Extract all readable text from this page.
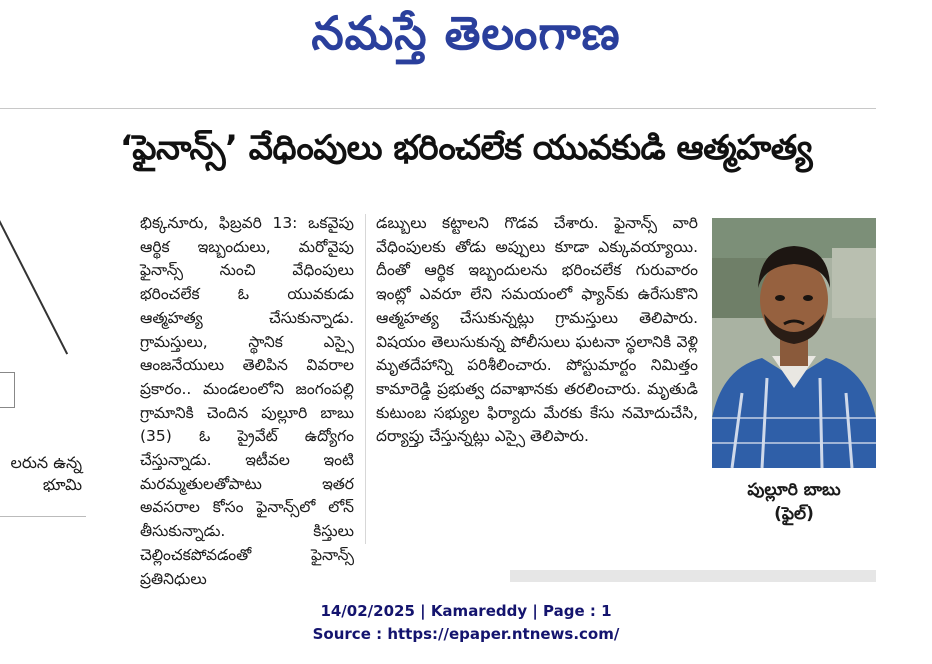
నమస్తే తెలంగాణ
‘ఫైనాన్స్’ వేధింపులు భరించలేక యువకుడి ఆత్మహత్య
లరున ఉన్న
భూమి

భిక్కనూరు, ఫిబ్రవరి 13: ఒకవైపు ఆర్థిక ఇబ్బందులు, మరోవైపు ఫైనాన్స్ నుంచి వేధింపులు భరించలేక ఓ యువకుడు ఆత్మహత్య చేసుకున్నాడు. గ్రామస్తులు, స్థానిక ఎస్సై ఆంజనేయులు తెలిపిన వివరాల ప్రకారం.. మండలంలోని జంగంపల్లి గ్రామానికి చెందిన పుల్లూరి బాబు (35) ఓ ప్రైవేట్ ఉద్యోగం చేస్తున్నాడు. ఇటీవల ఇంటి మరమ్మతులతోపాటు ఇతర అవసరాల కోసం ఫైనాన్స్‌లో లోన్ తీసుకున్నాడు. కిస్తులు చెల్లించకపోవడంతో ఫైనాన్స్ ప్రతినిధులు

డబ్బులు కట్టాలని గొడవ చేశారు. ఫైనాన్స్ వారి వేధింపులకు తోడు అప్పులు కూడా ఎక్కువయ్యాయి. దీంతో ఆర్థిక ఇబ్బందులను భరించలేక గురువారం ఇంట్లో ఎవరూ లేని సమయంలో ఫ్యాన్‌కు ఉరేసుకొని ఆత్మహత్య చేసుకున్నట్లు గ్రామస్తులు తెలిపారు. విషయం తెలుసుకున్న పోలీసులు ఘటనా స్థలానికి వెళ్లి మృతదేహాన్ని పరిశీలించారు. పోస్టుమార్టం నిమిత్తం కామారెడ్డి ప్రభుత్వ దవాఖానకు తరలించారు. మృతుడి కుటుంబ సభ్యుల ఫిర్యాదు మేరకు కేసు నమోదుచేసి, దర్యాప్తు చేస్తున్నట్లు ఎస్సై తెలిపారు.

పుల్లూరి బాబు
(ఫైల్)
14/02/2025 | Kamareddy | Page : 1
Source : https://epaper.ntnews.com/
